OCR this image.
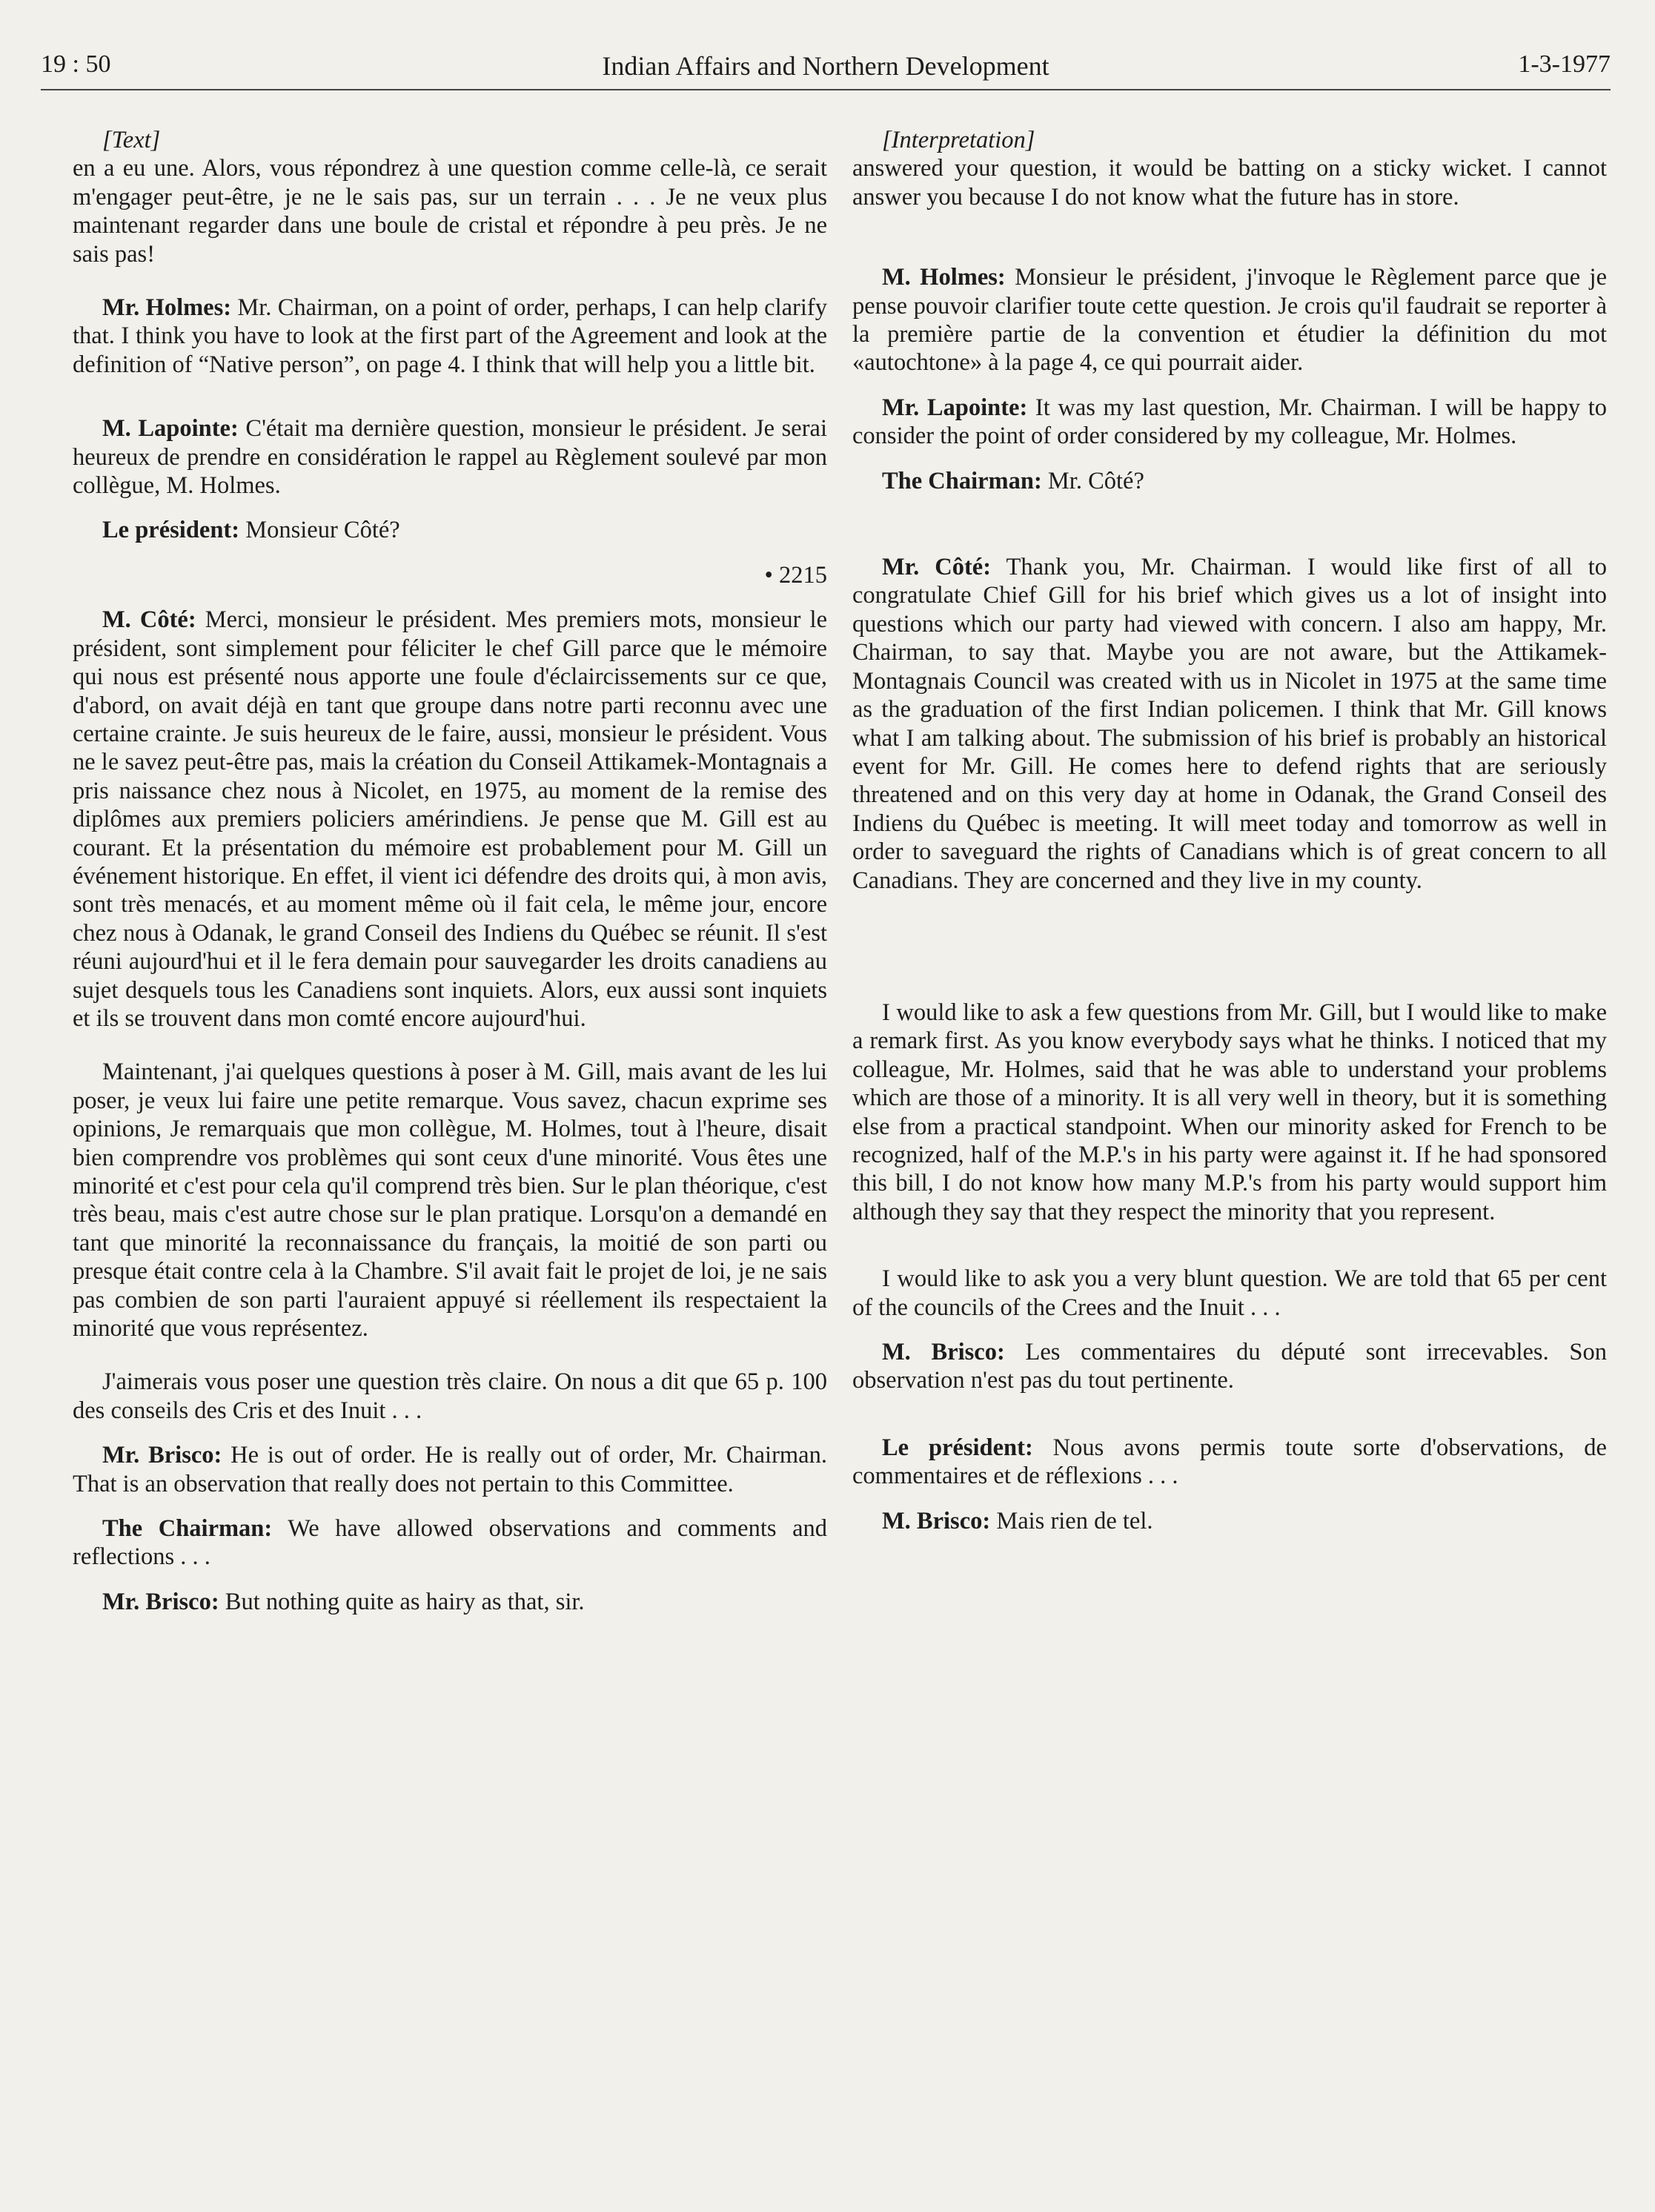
19 : 50	Indian Affairs and Northern Development	1-3-1977

[Text]

en a eu une. Alors, vous répondrez à une question comme celle-là, ce serait m'engager peut-être, je ne le sais pas, sur un terrain . . . Je ne veux plus maintenant regarder dans une boule de cristal et répondre à peu près. Je ne sais pas!

Mr. Holmes: Mr. Chairman, on a point of order, perhaps, I can help clarify that. I think you have to look at the first part of the Agreement and look at the definition of “Native person”, on page 4. I think that will help you a little bit.

M. Lapointe: C'était ma dernière question, monsieur le président. Je serai heureux de prendre en considération le rappel au Règlement soulevé par mon collègue, M. Holmes.

Le président: Monsieur Côté?

• 2215

M. Côté: Merci, monsieur le président. Mes premiers mots, monsieur le président, sont simplement pour féliciter le chef Gill parce que le mémoire qui nous est présenté nous apporte une foule d'éclaircissements sur ce que, d'abord, on avait déjà en tant que groupe dans notre parti reconnu avec une certaine crainte. Je suis heureux de le faire, aussi, monsieur le président. Vous ne le savez peut-être pas, mais la création du Conseil Attikamek-Montagnais a pris naissance chez nous à Nicolet, en 1975, au moment de la remise des diplômes aux premiers policiers amérindiens. Je pense que M. Gill est au courant. Et la présentation du mémoire est probablement pour M. Gill un événement historique. En effet, il vient ici défendre des droits qui, à mon avis, sont très menacés, et au moment même où il fait cela, le même jour, encore chez nous à Odanak, le grand Conseil des Indiens du Québec se réunit. Il s'est réuni aujourd'hui et il le fera demain pour sauvegarder les droits canadiens au sujet desquels tous les Canadiens sont inquiets. Alors, eux aussi sont inquiets et ils se trouvent dans mon comté encore aujourd'hui.

Maintenant, j'ai quelques questions à poser à M. Gill, mais avant de les lui poser, je veux lui faire une petite remarque. Vous savez, chacun exprime ses opinions, Je remarquais que mon collègue, M. Holmes, tout à l'heure, disait bien comprendre vos problèmes qui sont ceux d'une minorité. Vous êtes une minorité et c'est pour cela qu'il comprend très bien. Sur le plan théorique, c'est très beau, mais c'est autre chose sur le plan pratique. Lorsqu'on a demandé en tant que minorité la reconnaissance du français, la moitié de son parti ou presque était contre cela à la Chambre. S'il avait fait le projet de loi, je ne sais pas combien de son parti l'auraient appuyé si réellement ils respectaient la minorité que vous représentez.

J'aimerais vous poser une question très claire. On nous a dit que 65 p. 100 des conseils des Cris et des Inuit . . .

Mr. Brisco: He is out of order. He is really out of order, Mr. Chairman. That is an observation that really does not pertain to this Committee.

The Chairman: We have allowed observations and comments and reflections . . .

Mr. Brisco: But nothing quite as hairy as that, sir.

[Interpretation]

answered your question, it would be batting on a sticky wicket. I cannot answer you because I do not know what the future has in store.

M. Holmes: Monsieur le président, j'invoque le Règlement parce que je pense pouvoir clarifier toute cette question. Je crois qu'il faudrait se reporter à la première partie de la convention et étudier la définition du mot «autochtone» à la page 4, ce qui pourrait aider.

Mr. Lapointe: It was my last question, Mr. Chairman. I will be happy to consider the point of order considered by my colleague, Mr. Holmes.

The Chairman: Mr. Côté?

Mr. Côté: Thank you, Mr. Chairman. I would like first of all to congratulate Chief Gill for his brief which gives us a lot of insight into questions which our party had viewed with concern. I also am happy, Mr. Chairman, to say that. Maybe you are not aware, but the Attikamek-Montagnais Council was created with us in Nicolet in 1975 at the same time as the graduation of the first Indian policemen. I think that Mr. Gill knows what I am talking about. The submission of his brief is probably an historical event for Mr. Gill. He comes here to defend rights that are seriously threatened and on this very day at home in Odanak, the Grand Conseil des Indiens du Québec is meeting. It will meet today and tomorrow as well in order to saveguard the rights of Canadians which is of great concern to all Canadians. They are concerned and they live in my county.

I would like to ask a few questions from Mr. Gill, but I would like to make a remark first. As you know everybody says what he thinks. I noticed that my colleague, Mr. Holmes, said that he was able to understand your problems which are those of a minority. It is all very well in theory, but it is something else from a practical standpoint. When our minority asked for French to be recognized, half of the M.P.'s in his party were against it. If he had sponsored this bill, I do not know how many M.P.'s from his party would support him although they say that they respect the minority that you represent.

I would like to ask you a very blunt question. We are told that 65 per cent of the councils of the Crees and the Inuit . . .

M. Brisco: Les commentaires du député sont irrecevables. Son observation n'est pas du tout pertinente.

Le président: Nous avons permis toute sorte d'observations, de commentaires et de réflexions . . .

M. Brisco: Mais rien de tel.
